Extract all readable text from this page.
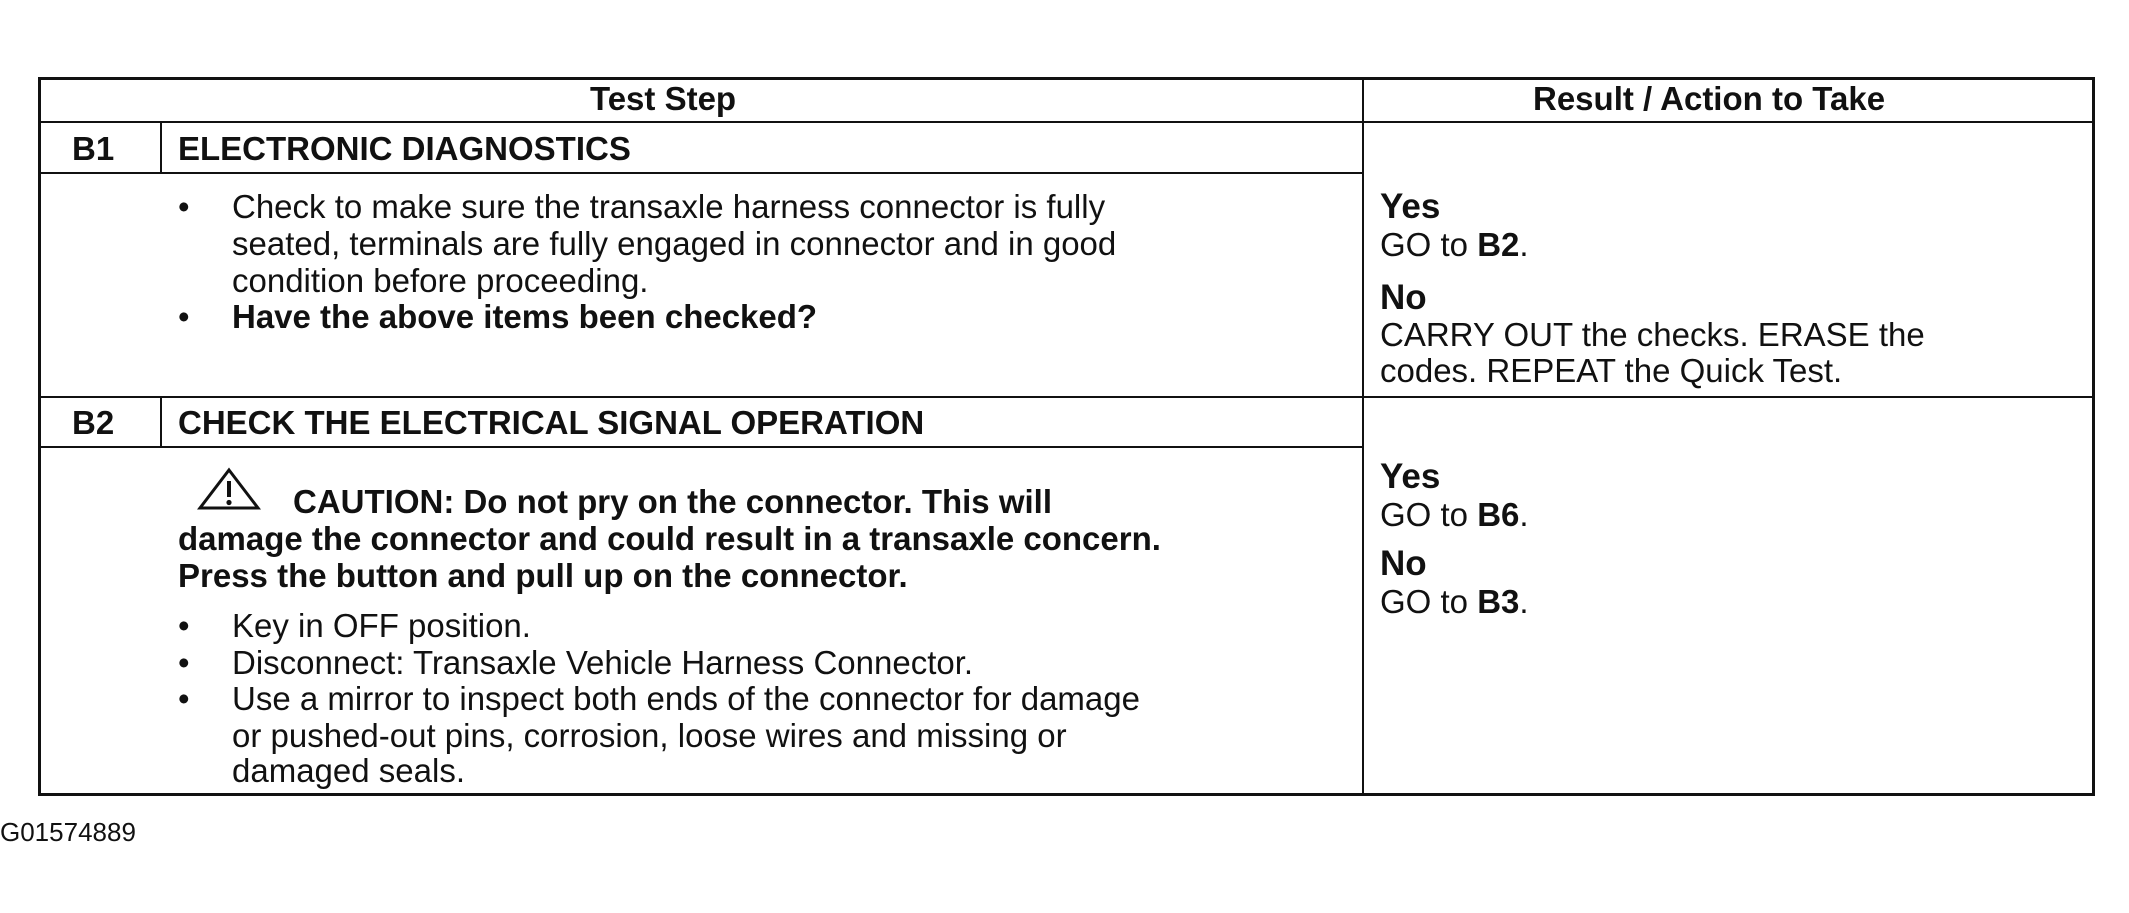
Test Step	Result / Action to Take
B1 ELECTRONIC DIAGNOSTICS
• Check to make sure the transaxle harness connector is fully
seated, terminals are fully engaged in connector and in good
condition before proceeding.
• Have the above items been checked?
Yes
GO to B2.
No
CARRY OUT the checks. ERASE the
codes. REPEAT the Quick Test.
B2 CHECK THE ELECTRICAL SIGNAL OPERATION
CAUTION: Do not pry on the connector. This will
damage the connector and could result in a transaxle concern.
Press the button and pull up on the connector.
• Key in OFF position.
• Disconnect: Transaxle Vehicle Harness Connector.
• Use a mirror to inspect both ends of the connector for damage
or pushed-out pins, corrosion, loose wires and missing or
damaged seals.
Yes
GO to B6.
No
GO to B3.
G01574889
